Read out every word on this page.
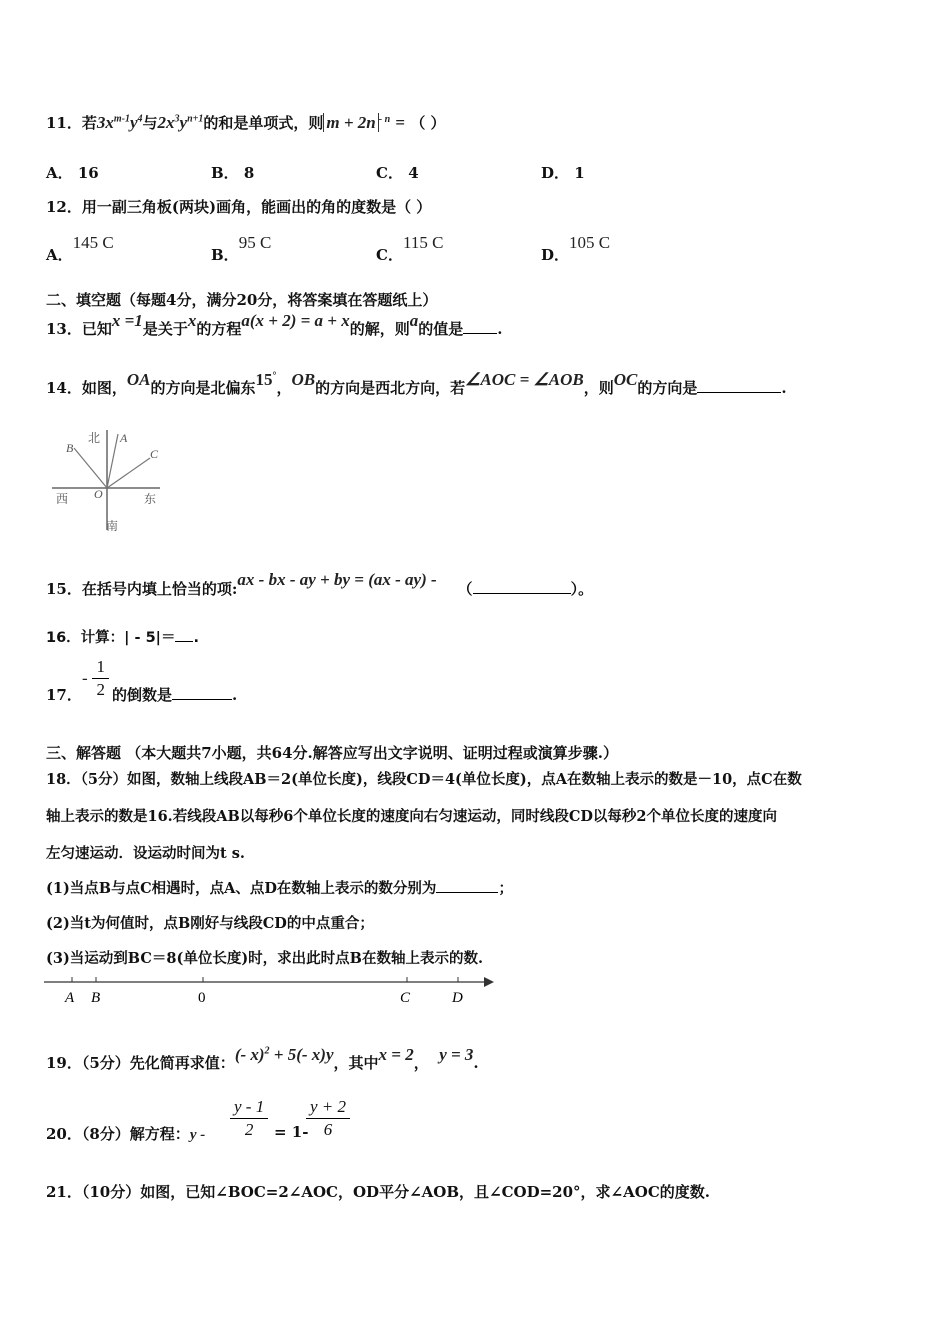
11．若$3x^{m-1}y^4$与$2x^3y^{n+1}$的和是单项式，则 m + 2n $^{- n}$ = （ ）
A． 16	B． 8	C． 4	D． 1
12．用一副三角板(两块)画角，能画出的角的度数是（ ）
A．145 C
B．95 C
C．115 C
D．105 C
二、填空题（每题4分，满分20分，将答案填在答题纸上）
13．已知x =1是关于x的方程a(x + 2) = a + x的解，则a的值是 .
14．如图，OA的方向是北偏东15°，OB的方向是西北方向，若∠AOC = ∠AOB，则OC的方向是	.
北
南
西	东
O
A
B	C
15．在括号内填上恰当的项:ax - bx - ay + by = (ax - ay) - （	）。
16．计算：| - 5|＝ .
17．
- $\frac{1}{2}$ 的倒数是	.
三、解答题 （本大题共7小题，共64分.解答应写出文字说明、证明过程或演算步骤.）
18．（5分）如图，数轴上线段AB＝2(单位长度)，线段CD＝4(单位长度)，点A在数轴上表示的数是－10，点C在数
轴上表示的数是16.若线段AB以每秒6个单位长度的速度向右匀速运动，同时线段CD以每秒2个单位长度的速度向
左匀速运动．设运动时间为t s.
(1)当点B与点C相遇时，点A、点D在数轴上表示的数分别为	；
(2)当t为何值时，点B刚好与线段CD的中点重合；
(3)当运动到BC＝8(单位长度)时，求出此时点B在数轴上表示的数.
A B	0	C	D
19．（5分）先化简再求值：(- x)$^2$ + 5(- x)y，其中x = 2， y = 3.
20．（8分）解方程：$y - \frac{y - 1}{2} = 1-$
$\frac{y + 2}{6}$
21．（10分）如图，已知∠BOC=2∠AOC，OD平分∠AOB，且∠COD=20°，求∠AOC的度数.
